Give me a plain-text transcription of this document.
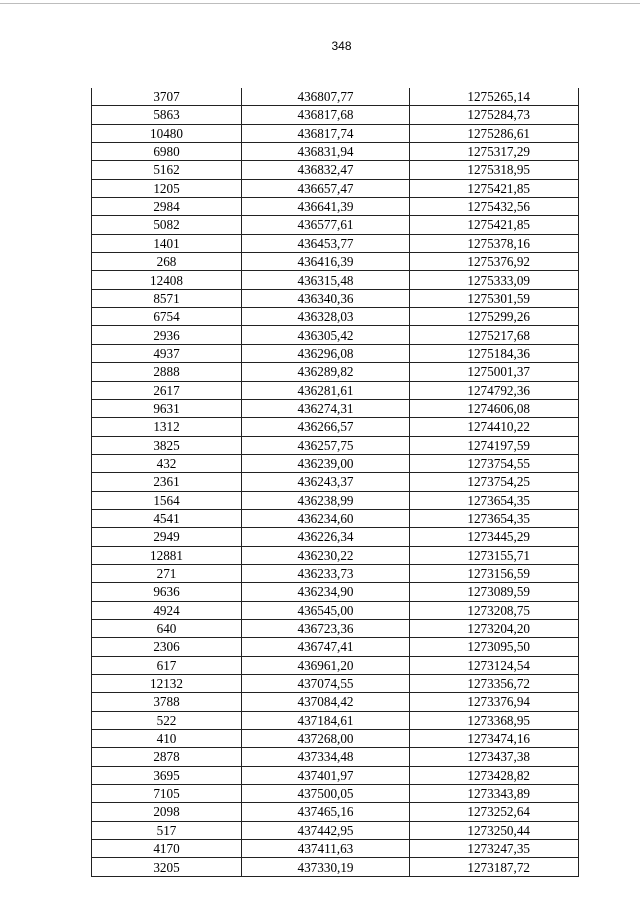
348
3707	436807,77	1275265,14
5863	436817,68	1275284,73
10480	436817,74	1275286,61
6980	436831,94	1275317,29
5162	436832,47	1275318,95
1205	436657,47	1275421,85
2984	436641,39	1275432,56
5082	436577,61	1275421,85
1401	436453,77	1275378,16
268	436416,39	1275376,92
12408	436315,48	1275333,09
8571	436340,36	1275301,59
6754	436328,03	1275299,26
2936	436305,42	1275217,68
4937	436296,08	1275184,36
2888	436289,82	1275001,37
2617	436281,61	1274792,36
9631	436274,31	1274606,08
1312	436266,57	1274410,22
3825	436257,75	1274197,59
432	436239,00	1273754,55
2361	436243,37	1273754,25
1564	436238,99	1273654,35
4541	436234,60	1273654,35
2949	436226,34	1273445,29
12881	436230,22	1273155,71
271	436233,73	1273156,59
9636	436234,90	1273089,59
4924	436545,00	1273208,75
640	436723,36	1273204,20
2306	436747,41	1273095,50
617	436961,20	1273124,54
12132	437074,55	1273356,72
3788	437084,42	1273376,94
522	437184,61	1273368,95
410	437268,00	1273474,16
2878	437334,48	1273437,38
3695	437401,97	1273428,82
7105	437500,05	1273343,89
2098	437465,16	1273252,64
517	437442,95	1273250,44
4170	437411,63	1273247,35
3205	437330,19	1273187,72
